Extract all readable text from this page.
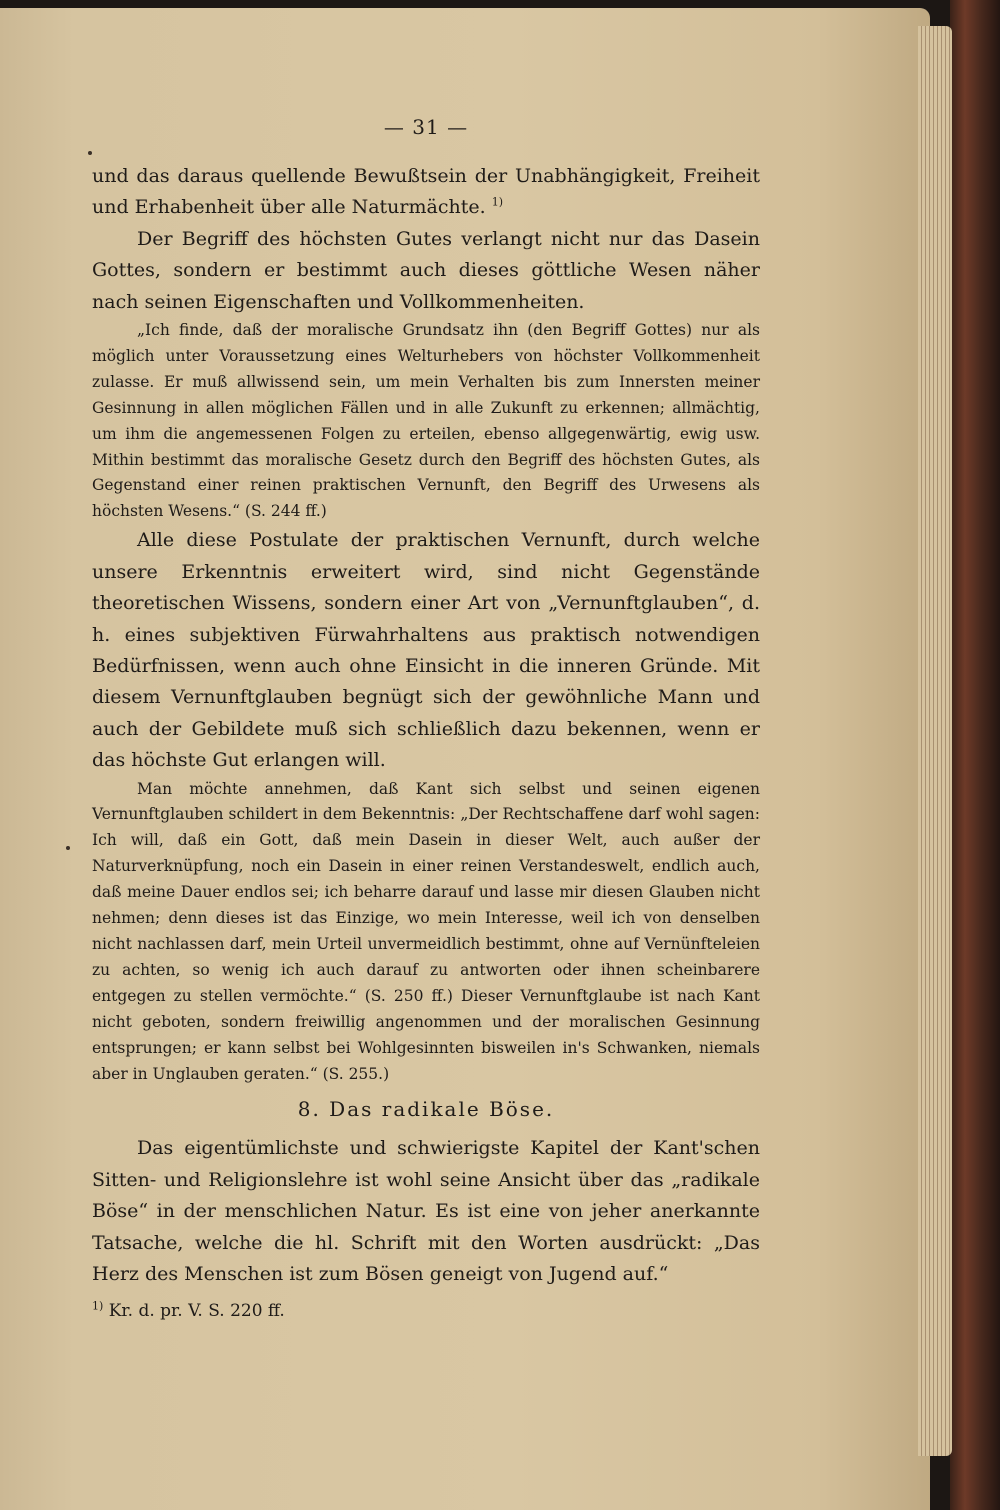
— 31 —

und das daraus quellende Bewußtsein der Unabhängigkeit, Freiheit und Erhabenheit über alle Naturmächte. $^{1)}$

Der Begriff des höchsten Gutes verlangt nicht nur das Dasein Gottes, sondern er bestimmt auch dieses göttliche Wesen näher nach seinen Eigenschaften und Vollkommenheiten.

„Ich finde, daß der moralische Grundsatz ihn (den Begriff Gottes) nur als möglich unter Voraussetzung eines Welturhebers von höchster Vollkommenheit zulasse. Er muß allwissend sein, um mein Verhalten bis zum Innersten meiner Gesinnung in allen möglichen Fällen und in alle Zukunft zu erkennen; allmächtig, um ihm die angemessenen Folgen zu erteilen, ebenso allgegenwärtig, ewig usw. Mithin bestimmt das moralische Gesetz durch den Begriff des höchsten Gutes, als Gegenstand einer reinen praktischen Vernunft, den Begriff des Urwesens als höchsten Wesens.“ (S. 244 ff.)

Alle diese Postulate der praktischen Vernunft, durch welche unsere Erkenntnis erweitert wird, sind nicht Gegenstände theoretischen Wissens, sondern einer Art von „Vernunftglauben“, d. h. eines subjektiven Fürwahrhaltens aus praktisch notwendigen Bedürfnissen, wenn auch ohne Einsicht in die inneren Gründe. Mit diesem Vernunftglauben begnügt sich der gewöhnliche Mann und auch der Gebildete muß sich schließlich dazu bekennen, wenn er das höchste Gut erlangen will.

Man möchte annehmen, daß Kant sich selbst und seinen eigenen Vernunftglauben schildert in dem Bekenntnis: „Der Rechtschaffene darf wohl sagen: Ich will, daß ein Gott, daß mein Dasein in dieser Welt, auch außer der Naturverknüpfung, noch ein Dasein in einer reinen Verstandeswelt, endlich auch, daß meine Dauer endlos sei; ich beharre darauf und lasse mir diesen Glauben nicht nehmen; denn dieses ist das Einzige, wo mein Interesse, weil ich von denselben nicht nachlassen darf, mein Urteil unvermeidlich bestimmt, ohne auf Vernünfteleien zu achten, so wenig ich auch darauf zu antworten oder ihnen scheinbarere entgegen zu stellen vermöchte.“ (S. 250 ff.) Dieser Vernunftglaube ist nach Kant nicht geboten, sondern freiwillig angenommen und der moralischen Gesinnung entsprungen; er kann selbst bei Wohlgesinnten bisweilen in's Schwanken, niemals aber in Unglauben geraten.“ (S. 255.)

8. Das radikale Böse.

Das eigentümlichste und schwierigste Kapitel der Kant'schen Sitten- und Religionslehre ist wohl seine Ansicht über das „radikale Böse“ in der menschlichen Natur. Es ist eine von jeher anerkannte Tatsache, welche die hl. Schrift mit den Worten ausdrückt: „Das Herz des Menschen ist zum Bösen geneigt von Jugend auf.“

$^{1)}$ Kr. d. pr. V. S. 220 ff.
